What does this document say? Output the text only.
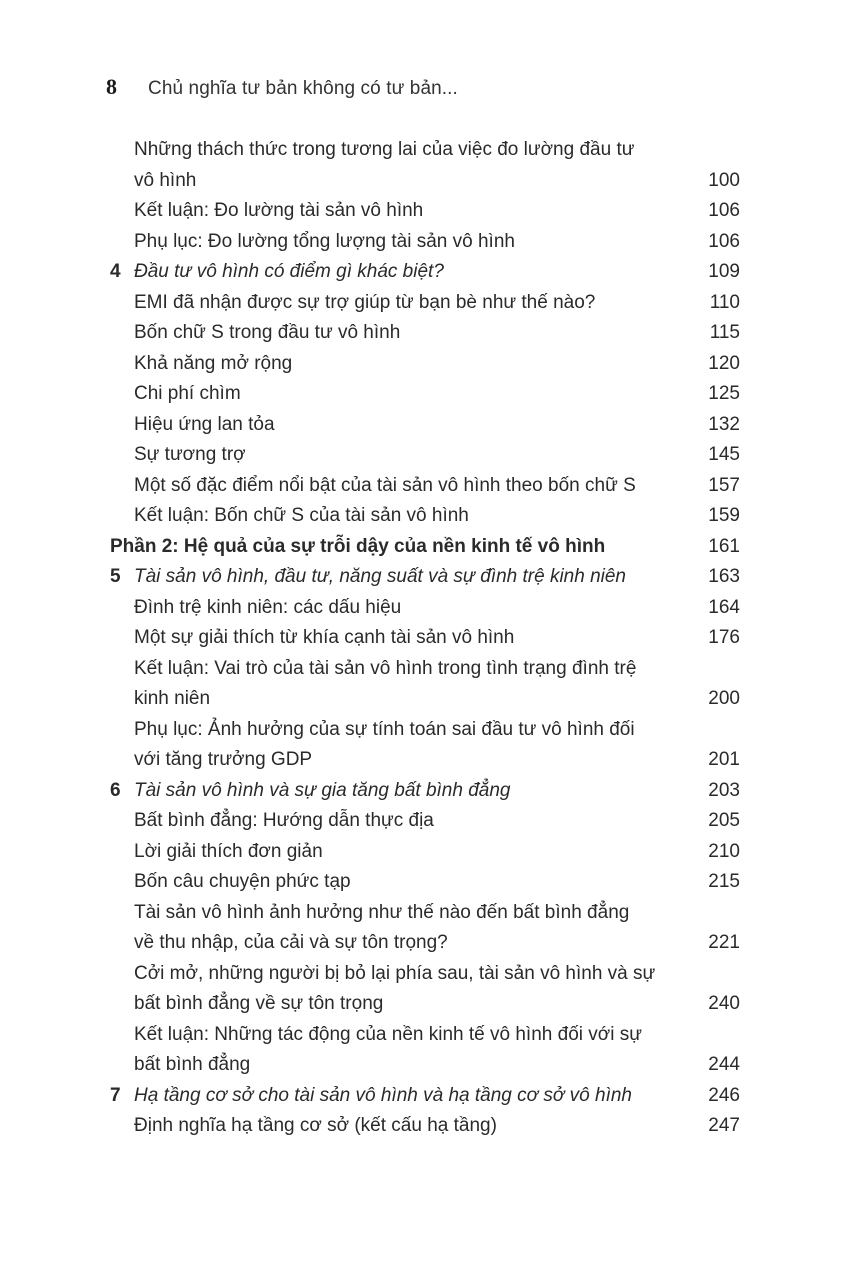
8	Chủ nghĩa tư bản không có tư bản...
Những thách thức trong tương lai của việc đo lường đầu tư
vô hình	100
Kết luận: Đo lường tài sản vô hình	106
Phụ lục: Đo lường tổng lượng tài sản vô hình	106
4 Đầu tư vô hình có điểm gì khác biệt?	109
EMI đã nhận được sự trợ giúp từ bạn bè như thế nào?	110
Bốn chữ S trong đầu tư vô hình	115
Khả năng mở rộng	120
Chi phí chìm	125
Hiệu ứng lan tỏa	132
Sự tương trợ	145
Một số đặc điểm nổi bật của tài sản vô hình theo bốn chữ S	157
Kết luận: Bốn chữ S của tài sản vô hình	159
Phần 2: Hệ quả của sự trỗi dậy của nền kinh tế vô hình	161
5 Tài sản vô hình, đầu tư, năng suất và sự đình trệ kinh niên	163
Đình trệ kinh niên: các dấu hiệu	164
Một sự giải thích từ khía cạnh tài sản vô hình	176
Kết luận: Vai trò của tài sản vô hình trong tình trạng đình trệ
kinh niên	200
Phụ lục: Ảnh hưởng của sự tính toán sai đầu tư vô hình đối
với tăng trưởng GDP	201
6 Tài sản vô hình và sự gia tăng bất bình đẳng	203
Bất bình đẳng: Hướng dẫn thực địa	205
Lời giải thích đơn giản	210
Bốn câu chuyện phức tạp	215
Tài sản vô hình ảnh hưởng như thế nào đến bất bình đẳng
về thu nhập, của cải và sự tôn trọng?	221
Cởi mở, những người bị bỏ lại phía sau, tài sản vô hình và sự
bất bình đẳng về sự tôn trọng	240
Kết luận: Những tác động của nền kinh tế vô hình đối với sự
bất bình đẳng	244
7 Hạ tầng cơ sở cho tài sản vô hình và hạ tầng cơ sở vô hình	246
Định nghĩa hạ tầng cơ sở (kết cấu hạ tầng)	247
